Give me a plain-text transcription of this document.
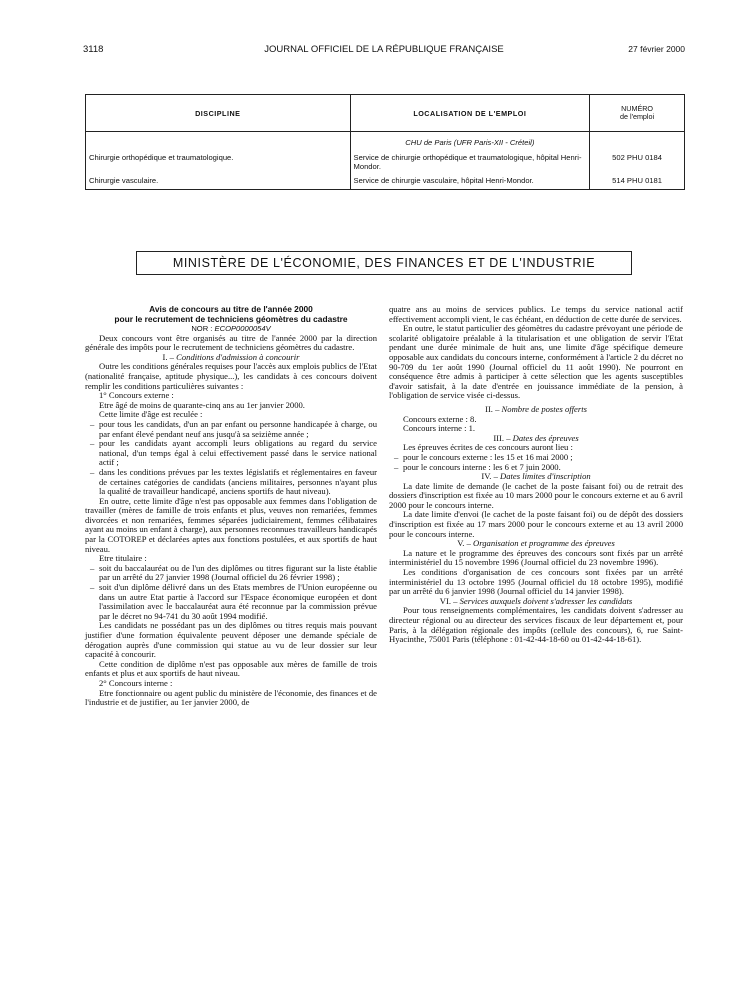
3118	JOURNAL OFFICIEL DE LA RÉPUBLIQUE FRANÇAISE	27 février 2000
DISCIPLINE	LOCALISATION DE L'EMPLOI	NUMÉRO
de l'emploi

	CHU de Paris (UFR Paris-XII - Créteil)	
Chirurgie orthopédique et traumatologique.	Service de chirurgie orthopédique et traumatologique, hôpital Henri-Mondor.	502 PHU 0184
Chirurgie vasculaire.	Service de chirurgie vasculaire, hôpital Henri-Mondor.	514 PHU 0181
MINISTÈRE DE L'ÉCONOMIE, DES FINANCES ET DE L'INDUSTRIE

Avis de concours au titre de l'année 2000

pour le recrutement de techniciens géomètres du cadastre

NOR : ECOP0000054V

Deux concours vont être organisés au titre de l'année 2000 par la direction générale des impôts pour le recrutement de techniciens géomètres du cadastre.

I. – Conditions d'admission à concourir

Outre les conditions générales requises pour l'accès aux emplois publics de l'Etat (nationalité française, aptitude physique...), les candidats à ces concours doivent remplir les conditions particulières suivantes :

1° Concours externe :

Etre âgé de moins de quarante-cinq ans au 1er janvier 2000.

Cette limite d'âge est reculée :

– pour tous les candidats, d'un an par enfant ou personne handicapée à charge, ou par enfant élevé pendant neuf ans jusqu'à sa seizième année ;
– pour les candidats ayant accompli leurs obligations au regard du service national, d'un temps égal à celui effectivement passé dans le service national actif ;
– dans les conditions prévues par les textes législatifs et réglementaires en faveur de certaines catégories de candidats (anciens militaires, personnes n'ayant plus la qualité de travailleur handicapé, anciens sportifs de haut niveau).

En outre, cette limite d'âge n'est pas opposable aux femmes dans l'obligation de travailler (mères de famille de trois enfants et plus, veuves non remariées, femmes divorcées et non remariées, femmes séparées judiciairement, femmes célibataires ayant au moins un enfant à charge), aux personnes reconnues travailleurs handicapés par la COTOREP et déclarées aptes aux fonctions postulées, et aux sportifs de haut niveau.

Etre titulaire :

– soit du baccalauréat ou de l'un des diplômes ou titres figurant sur la liste établie par un arrêté du 27 janvier 1998 (Journal officiel du 26 février 1998) ;
– soit d'un diplôme délivré dans un des Etats membres de l'Union européenne ou dans un autre Etat partie à l'accord sur l'Espace économique européen et dont l'assimilation avec le baccalauréat aura été reconnue par la commission prévue par le décret no 94-741 du 30 août 1994 modifié.

Les candidats ne possédant pas un des diplômes ou titres requis mais pouvant justifier d'une formation équivalente peuvent déposer une demande spéciale de dérogation auprès d'une commission qui statue au vu de leur dossier sur leur capacité à concourir.

Cette condition de diplôme n'est pas opposable aux mères de famille de trois enfants et plus et aux sportifs de haut niveau.

2° Concours interne :

Etre fonctionnaire ou agent public du ministère de l'économie, des finances et de l'industrie et de justifier, au 1er janvier 2000, de

quatre ans au moins de services publics. Le temps du service national actif effectivement accompli vient, le cas échéant, en déduction de cette durée de services.

En outre, le statut particulier des géomètres du cadastre prévoyant une période de scolarité obligatoire préalable à la titularisation et une obligation de servir l'Etat pendant une durée minimale de huit ans, une limite d'âge spécifique demeure opposable aux candidats du concours interne, conformément à l'article 2 du décret no 90-709 du 1er août 1990 (Journal officiel du 11 août 1990). Ne pourront en conséquence être admis à participer à cette sélection que les agents susceptibles d'avoir satisfait, à la date d'entrée en jouissance immédiate de la pension, à l'obligation de service visée ci-dessus.

II. – Nombre de postes offerts

Concours externe : 8.

Concours interne : 1.

III. – Dates des épreuves

Les épreuves écrites de ces concours auront lieu :

– pour le concours externe : les 15 et 16 mai 2000 ;
– pour le concours interne : les 6 et 7 juin 2000.

IV. – Dates limites d'inscription

La date limite de demande (le cachet de la poste faisant foi) ou de retrait des dossiers d'inscription est fixée au 10 mars 2000 pour le concours externe et au 6 avril 2000 pour le concours interne.

La date limite d'envoi (le cachet de la poste faisant foi) ou de dépôt des dossiers d'inscription est fixée au 17 mars 2000 pour le concours externe et au 13 avril 2000 pour le concours interne.

V. – Organisation et programme des épreuves

La nature et le programme des épreuves des concours sont fixés par un arrêté interministériel du 15 novembre 1996 (Journal officiel du 23 novembre 1996).

Les conditions d'organisation de ces concours sont fixées par un arrêté interministériel du 13 octobre 1995 (Journal officiel du 18 octobre 1995), modifié par un arrêté du 6 janvier 1998 (Journal officiel du 14 janvier 1998).

VI. – Services auxquels doivent s'adresser les candidats

Pour tous renseignements complémentaires, les candidats doivent s'adresser au directeur régional ou au directeur des services fiscaux de leur département et, pour Paris, à la délégation régionale des impôts (cellule des concours), 6, rue Saint-Hyacinthe, 75001 Paris (téléphone : 01-42-44-18-60 ou 01-42-44-18-61).
